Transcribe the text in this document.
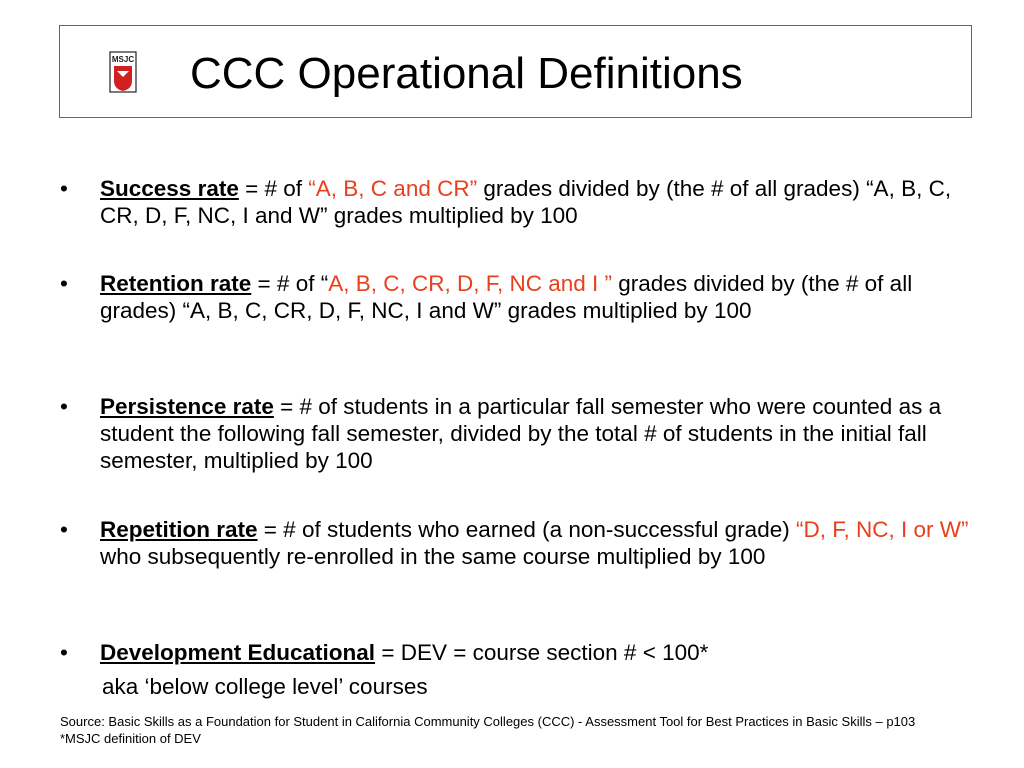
MSJC CCC Operational Definitions
• Success rate = # of “A, B, C and CR” grades divided by (the # of all grades) “A, B, C, CR, D, F, NC, I and W” grades multiplied by 100
• Retention rate = # of “A, B, C, CR, D, F, NC and I ” grades divided by (the # of all grades) “A, B, C, CR, D, F, NC, I and W” grades multiplied by 100
• Persistence rate = # of students in a particular fall semester who were counted as a student the following fall semester, divided by the total # of students in the initial fall semester, multiplied by 100
• Repetition rate = # of students who earned (a non-successful grade) “D, F, NC, I or W” who subsequently re-enrolled in the same course multiplied by 100
• Development Educational = DEV = course section # < 100*
aka ‘below college level’ courses
Source: Basic Skills as a Foundation for Student in California Community Colleges (CCC) - Assessment Tool for Best Practices in Basic Skills – p103
*MSJC definition of DEV
